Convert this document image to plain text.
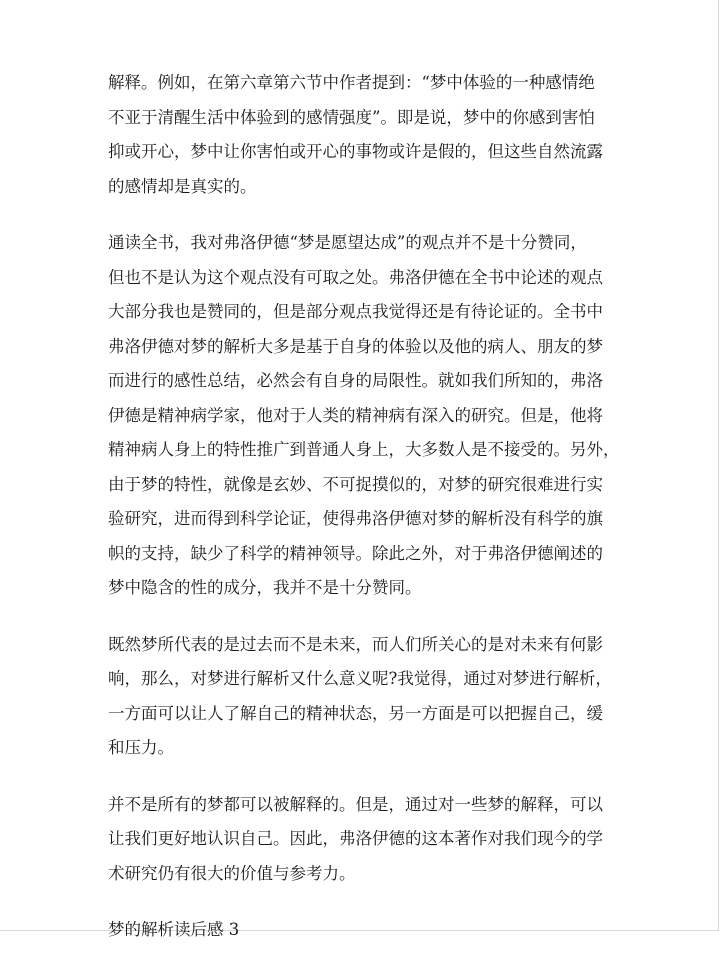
解释。例如，在第六章第六节中作者提到：“梦中体验的一种感情绝
不亚于清醒生活中体验到的感情强度”。即是说，梦中的你感到害怕
抑或开心，梦中让你害怕或开心的事物或许是假的，但这些自然流露
的感情却是真实的。
通读全书，我对弗洛伊德“梦是愿望达成”的观点并不是十分赞同，
但也不是认为这个观点没有可取之处。弗洛伊德在全书中论述的观点
大部分我也是赞同的，但是部分观点我觉得还是有待论证的。全书中
弗洛伊德对梦的解析大多是基于自身的体验以及他的病人、朋友的梦
而进行的感性总结，必然会有自身的局限性。就如我们所知的，弗洛
伊德是精神病学家，他对于人类的精神病有深入的研究。但是，他将
精神病人身上的特性推广到普通人身上，大多数人是不接受的。另外，
由于梦的特性，就像是玄妙、不可捉摸似的，对梦的研究很难进行实
验研究，进而得到科学论证，使得弗洛伊德对梦的解析没有科学的旗
帜的支持，缺少了科学的精神领导。除此之外，对于弗洛伊德阐述的
梦中隐含的性的成分，我并不是十分赞同。
既然梦所代表的是过去而不是未来，而人们所关心的是对未来有何影
响，那么，对梦进行解析又什么意义呢?我觉得，通过对梦进行解析，
一方面可以让人了解自己的精神状态，另一方面是可以把握自己，缓
和压力。
并不是所有的梦都可以被解释的。但是，通过对一些梦的解释，可以
让我们更好地认识自己。因此，弗洛伊德的这本著作对我们现今的学
术研究仍有很大的价值与参考力。
梦的解析读后感 3
